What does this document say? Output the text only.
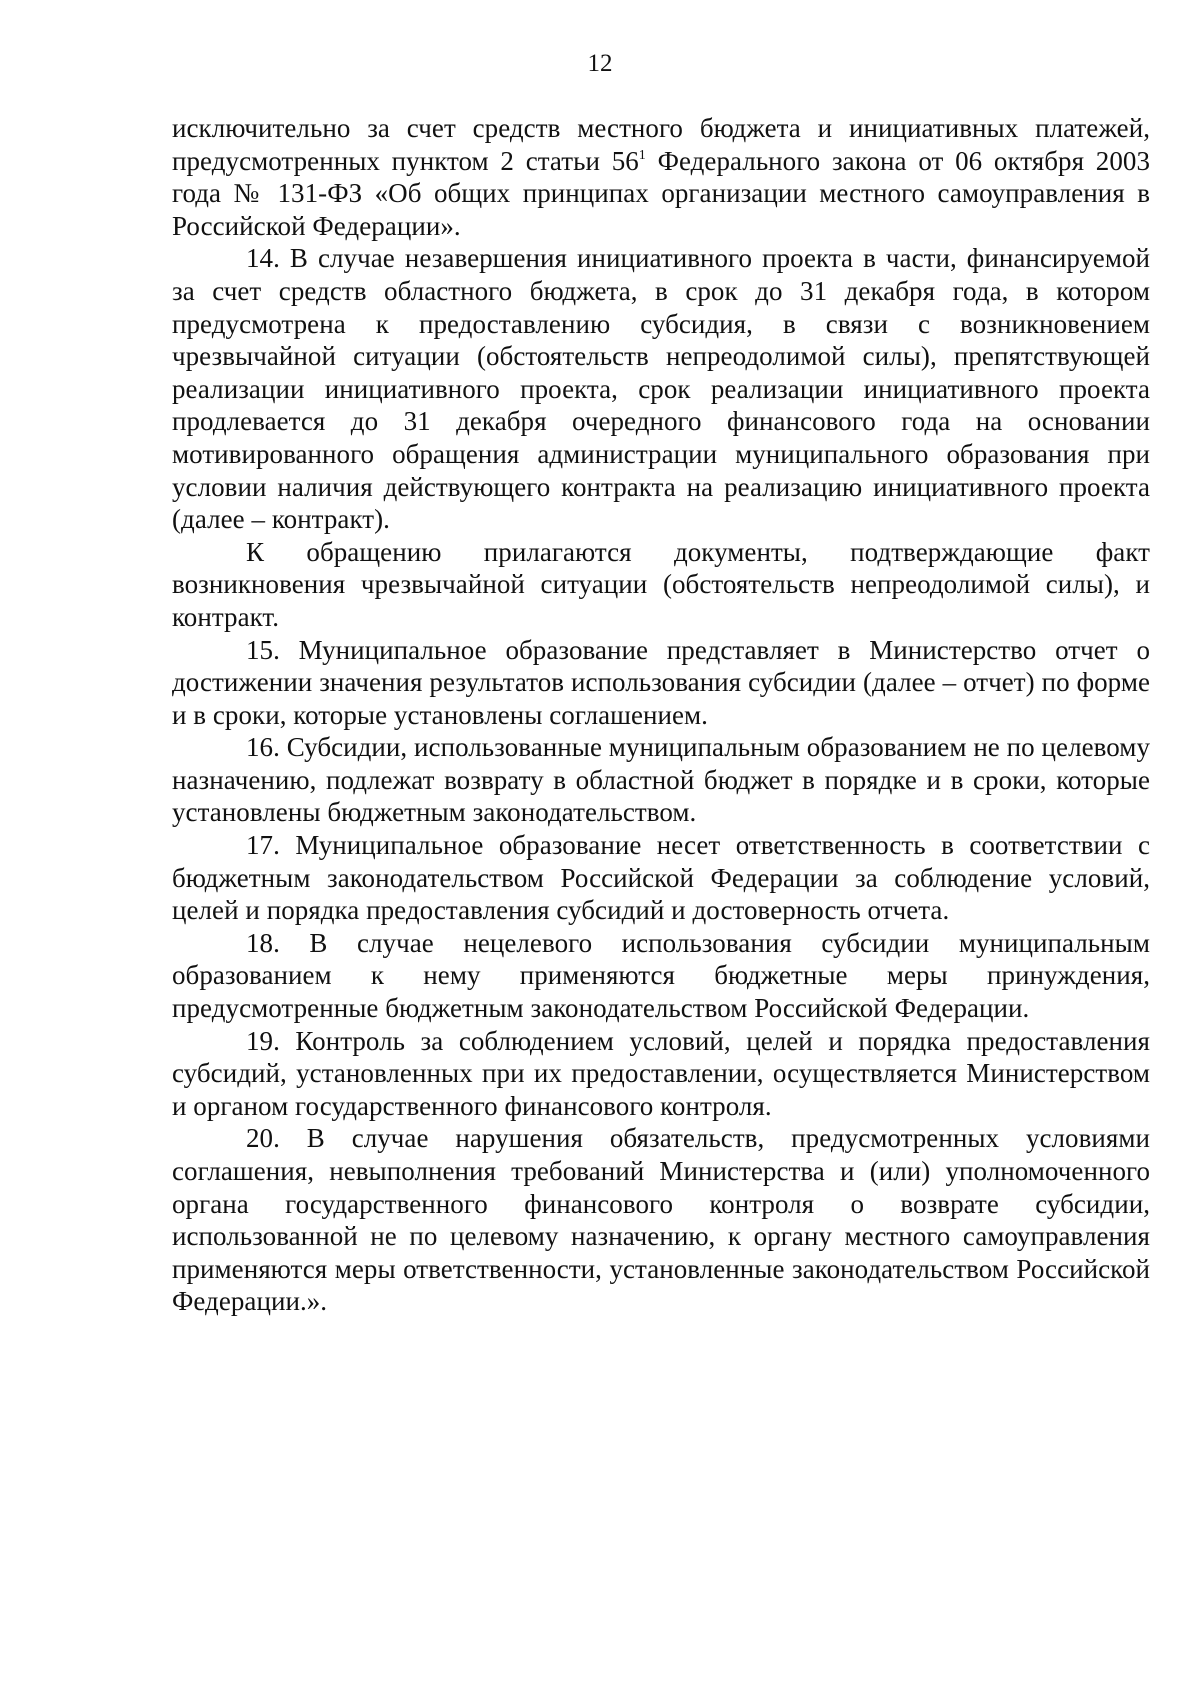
12

исключительно за счет средств местного бюджета и инициативных платежей, предусмотренных пунктом 2 статьи $56^1$ Федерального закона от 06 октября 2003 года № 131-ФЗ «Об общих принципах организации местного самоуправления в Российской Федерации».

14. В случае незавершения инициативного проекта в части, финансируемой за счет средств областного бюджета, в срок до 31 декабря года, в котором предусмотрена к предоставлению субсидия, в связи с возникновением чрезвычайной ситуации (обстоятельств непреодолимой силы), препятствующей реализации инициативного проекта, срок реализации инициативного проекта продлевается до 31 декабря очередного финансового года на основании мотивированного обращения администрации муниципального образования при условии наличия действующего контракта на реализацию инициативного проекта (далее – контракт).

К обращению прилагаются документы, подтверждающие факт возникновения чрезвычайной ситуации (обстоятельств непреодолимой силы), и контракт.

15. Муниципальное образование представляет в Министерство отчет о достижении значения результатов использования субсидии (далее – отчет) по форме и в сроки, которые установлены соглашением.

16. Субсидии, использованные муниципальным образованием не по целевому назначению, подлежат возврату в областной бюджет в порядке и в сроки, которые установлены бюджетным законодательством.

17. Муниципальное образование несет ответственность в соответствии с бюджетным законодательством Российской Федерации за соблюдение условий, целей и порядка предоставления субсидий и достоверность отчета.

18. В случае нецелевого использования субсидии муниципальным образованием к нему применяются бюджетные меры принуждения, предусмотренные бюджетным законодательством Российской Федерации.

19. Контроль за соблюдением условий, целей и порядка предоставления субсидий, установленных при их предоставлении, осуществляется Министерством и органом государственного финансового контроля.

20. В случае нарушения обязательств, предусмотренных условиями соглашения, невыполнения требований Министерства и (или) уполномоченного органа государственного финансового контроля о возврате субсидии, использованной не по целевому назначению, к органу местного самоуправления применяются меры ответственности, установленные законодательством Российской Федерации.».
